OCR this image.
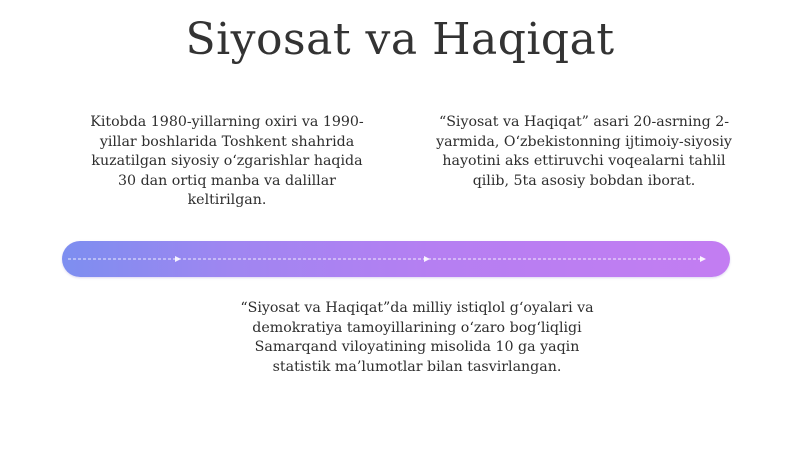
Siyosat va Haqiqat

Kitobda 1980-yillarning oxiri va 1990-yillar boshlarida Toshkent shahrida kuzatilgan siyosiy o‘zgarishlar haqida 30 dan ortiq manba va dalillar keltirilgan.

“Siyosat va Haqiqat” asari 20-asrning 2-yarmida, O‘zbekistonning ijtimoiy-siyosiy hayotini aks ettiruvchi voqealarni tahlil qilib, 5ta asosiy bobdan iborat.

“Siyosat va Haqiqat”da milliy istiqlol g‘oyalari va demokratiya tamoyillarining o‘zaro bog‘liqligi Samarqand viloyatining misolida 10 ga yaqin statistik ma’lumotlar bilan tasvirlangan.
